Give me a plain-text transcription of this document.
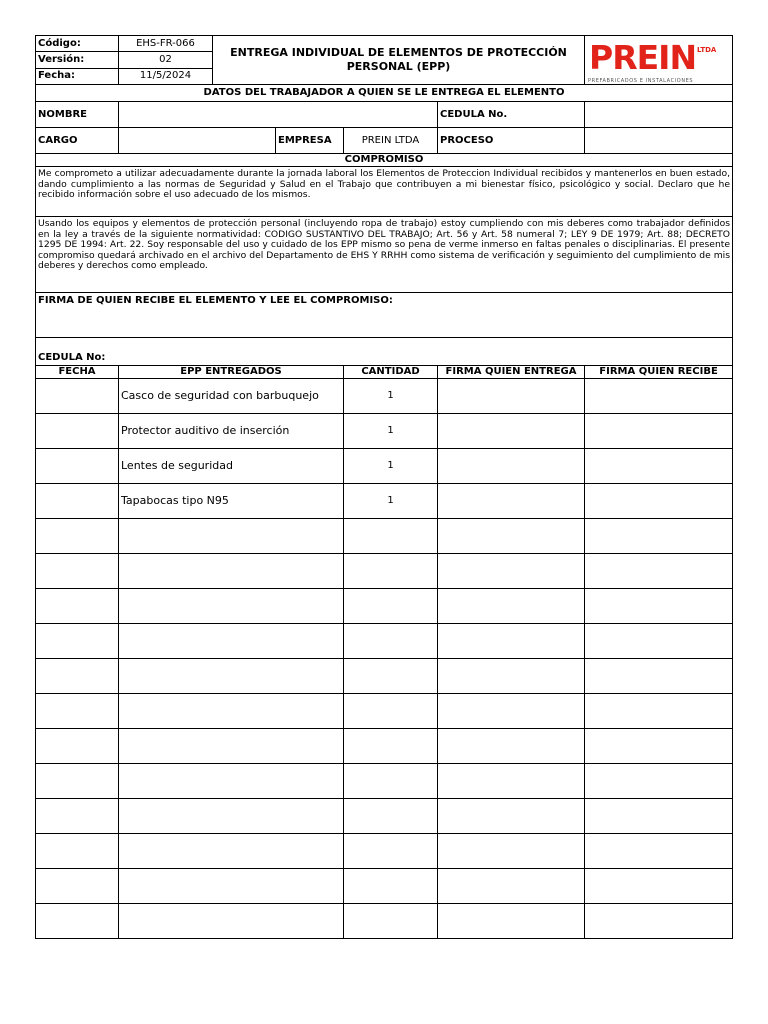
Código:	EHS-FR-066	ENTREGA INDIVIDUAL DE ELEMENTOS DE PROTECCIÓN PERSONAL (EPP)				PREIN LTDA
PREFABRICADOS E INSTALACIONES

Versión:	02					
Fecha:	11/5/2024					
DATOS DEL TRABAJADOR A QUIEN SE LE ENTREGA EL ELEMENTO						
NOMBRE					CEDULA No.	
CARGO			EMPRESA	PREIN LTDA	PROCESO	
COMPROMISO						
Me comprometo a utilizar adecuadamente durante la jornada laboral los Elementos de Proteccion Individual recibidos y mantenerlos en buen estado, dando cumplimiento a las normas de Seguridad y Salud en el Trabajo que contribuyen a mi bienestar físico, psicológico y social. Declaro que he recibido información sobre el uso adecuado de los mismos.						
Usando los equipos y elementos de protección personal (incluyendo ropa de trabajo) estoy cumpliendo con mis deberes como trabajador definidos en la ley a través de la siguiente normatividad: CODIGO SUSTANTIVO DEL TRABAJO; Art. 56 y Art. 58 numeral 7; LEY 9 DE 1979; Art. 88; DECRETO 1295 DE 1994: Art. 22. Soy responsable del uso y cuidado de los EPP mismo so pena de verme inmerso en faltas penales o disciplinarias. El presente compromiso quedará archivado en el archivo del Departamento de EHS Y RRHH como sistema de verificación y seguimiento del cumplimiento de mis deberes y derechos como empleado.						
FIRMA DE QUIEN RECIBE EL ELEMENTO Y LEE EL COMPROMISO:						
CEDULA No:						
FECHA	EPP ENTREGADOS			CANTIDAD	FIRMA QUIEN ENTREGA	FIRMA QUIEN RECIBE
	Casco de seguridad con barbuquejo			1		
	Protector auditivo de inserción			1		
	Lentes de seguridad			1		
	Tapabocas tipo N95			1		
